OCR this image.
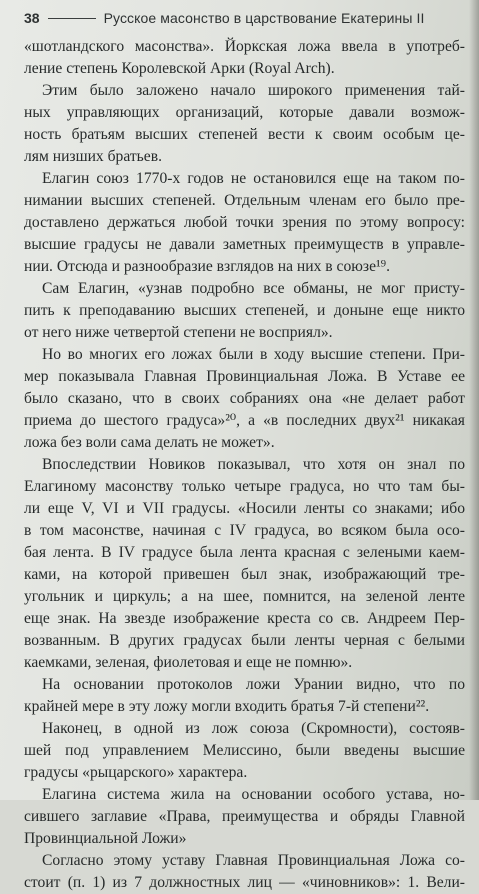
38	Русское масонство в царствование Екатерины II
«шотландского масонства». Йоркская ложа ввела в употреб-
ление степень Королевской Арки (Royal Arch).
Этим было заложено начало широкого применения тай-
ных управляющих организаций, которые давали возмож-
ность братьям высших степеней вести к своим особым це-
лям низших братьев.
Елагин союз 1770-х годов не остановился еще на таком по-
нимании высших степеней. Отдельным членам его было пре-
доставлено держаться любой точки зрения по этому вопросу:
высшие градусы не давали заметных преимуществ в управле-
нии. Отсюда и разнообразие взглядов на них в союзе¹⁹.
Сам Елагин, «узнав подробно все обманы, не мог присту-
пить к преподаванию высших степеней, и доныне еще никто
от него ниже четвертой степени не восприял».
Но во многих его ложах были в ходу высшие степени. При-
мер показывала Главная Провинциальная Ложа. В Уставе ее
было сказано, что в своих собраниях она «не делает работ
приема до шестого градуса»²⁰, а «в последних двух²¹ никакая
ложа без воли сама делать не может».
Впоследствии Новиков показывал, что хотя он знал по
Елагиному масонству только четыре градуса, но что там бы-
ли еще V, VI и VII градусы. «Носили ленты со знаками; ибо
в том масонстве, начиная с IV градуса, во всяком была осо-
бая лента. В IV градусе была лента красная с зелеными каем-
ками, на которой привешен был знак, изображающий тре-
угольник и циркуль; а на шее, помнится, на зеленой ленте
еще знак. На звезде изображение креста со св. Андреем Пер-
возванным. В других градусах были ленты черная с белыми
каемками, зеленая, фиолетовая и еще не помню».
На основании протоколов ложи Урании видно, что по
крайней мере в эту ложу могли входить братья 7-й степени²².
Наконец, в одной из лож союза (Скромности), состояв-
шей под управлением Мелиссино, были введены высшие
градусы «рыцарского» характера.
Елагина система жила на основании особого устава, но-
сившего заглавие «Права, преимущества и обряды Главной
Провинциальной Ложи»
Согласно этому уставу Главная Провинциальная Ложа со-
стоит (п. 1) из 7 должностных лиц — «чиновников»: 1. Вели-
